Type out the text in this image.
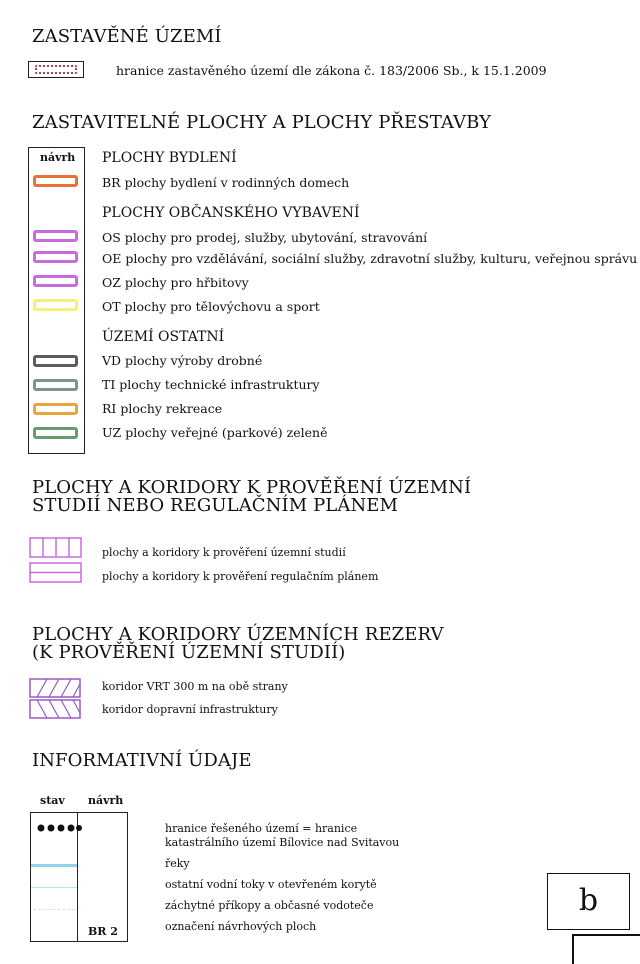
ZASTAVĚNÉ ÚZEMÍ
hranice zastavěného území dle zákona č. 183/2006 Sb., k 15.1.2009
ZASTAVITELNÉ PLOCHY A PLOCHY PŘESTAVBY
návrh PLOCHY BYDLENÍ
BR plochy bydlení v rodinných domech
PLOCHY OBČANSKÉHO VYBAVENÍ
OS plochy pro prodej, služby, ubytování, stravování
OE plochy pro vzdělávání, sociální služby, zdravotní služby, kulturu, veřejnou správu
OZ plochy pro hřbitovy
OT plochy pro tělovýchovu a sport
ÚZEMÍ OSTATNÍ
VD plochy výroby drobné
TI plochy technické infrastruktury
RI plochy rekreace
UZ plochy veřejné (parkové) zeleně
PLOCHY A KORIDORY K PROVĚŘENÍ ÚZEMNÍ
STUDIÍ NEBO REGULAČNÍM PLÁNEM
plochy a koridory k prověření územní studií
plochy a koridory k prověření regulačním plánem
PLOCHY A KORIDORY ÚZEMNÍCH REZERV
(K PROVĚŘENÍ ÚZEMNÍ STUDIÍ)
koridor VRT 300 m na obě strany
koridor dopravní infrastruktury
INFORMATIVNÍ ÚDAJE
stav návrh
BR 2
hranice řešeného území = hranice
katastrálního území Bílovice nad Svitavou
řeky
ostatní vodní toky v otevřeném korytě
záchytné příkopy a občasné vodoteče
označení návrhových ploch
b
